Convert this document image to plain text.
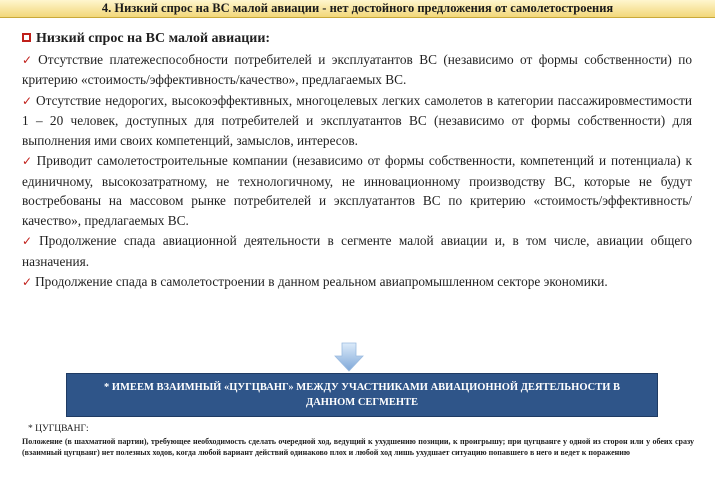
4. Низкий спрос на ВС малой авиации - нет достойного предложения от самолетостроения
Низкий спрос на ВС малой авиации:
✓ Отсутствие платежеспособности потребителей и эксплуатантов ВС (независимо от формы собственности) по критерию «стоимость/эффективность/качество», предлагаемых ВС.
✓ Отсутствие недорогих, высокоэффективных, многоцелевых легких самолетов в категории пассажировместимости 1 – 20 человек, доступных для потребителей и эксплуатантов ВС (независимо от формы собственности) для выполнения ими своих компетенций, замыслов, интересов.
✓ Приводит самолетостроительные компании (независимо от формы собственности, компетенций и потенциала) к единичному, высокозатратному, не технологичному, не инновационному производству ВС, которые не будут востребованы на массовом рынке потребителей и эксплуатантов ВС по критерию «стоимость/эффективность/качество», предлагаемых ВС.
✓ Продолжение спада авиационной деятельности в сегменте малой авиации и, в том числе, авиации общего назначения.
✓ Продолжение спада в самолетостроении в данном реальном авиапромышленном секторе экономики.
* ИМЕЕМ ВЗАИМНЫЙ «ЦУГЦВАНГ» МЕЖДУ УЧАСТНИКАМИ АВИАЦИОННОЙ ДЕЯТЕЛЬНОСТИ В ДАННОМ СЕГМЕНТЕ
* ЦУГЦВАНГ:
Положение (в шахматной партии), требующее необходимость сделать очередной ход, ведущий к ухудшению позиции, к проигрышу; при цугцванге у одной из сторон или у обеих сразу (взаимный цугцванг) нет полезных ходов, когда любой вариант действий одинаково плох и любой ход лишь ухудшает ситуацию попавшего в него и ведет к поражению
